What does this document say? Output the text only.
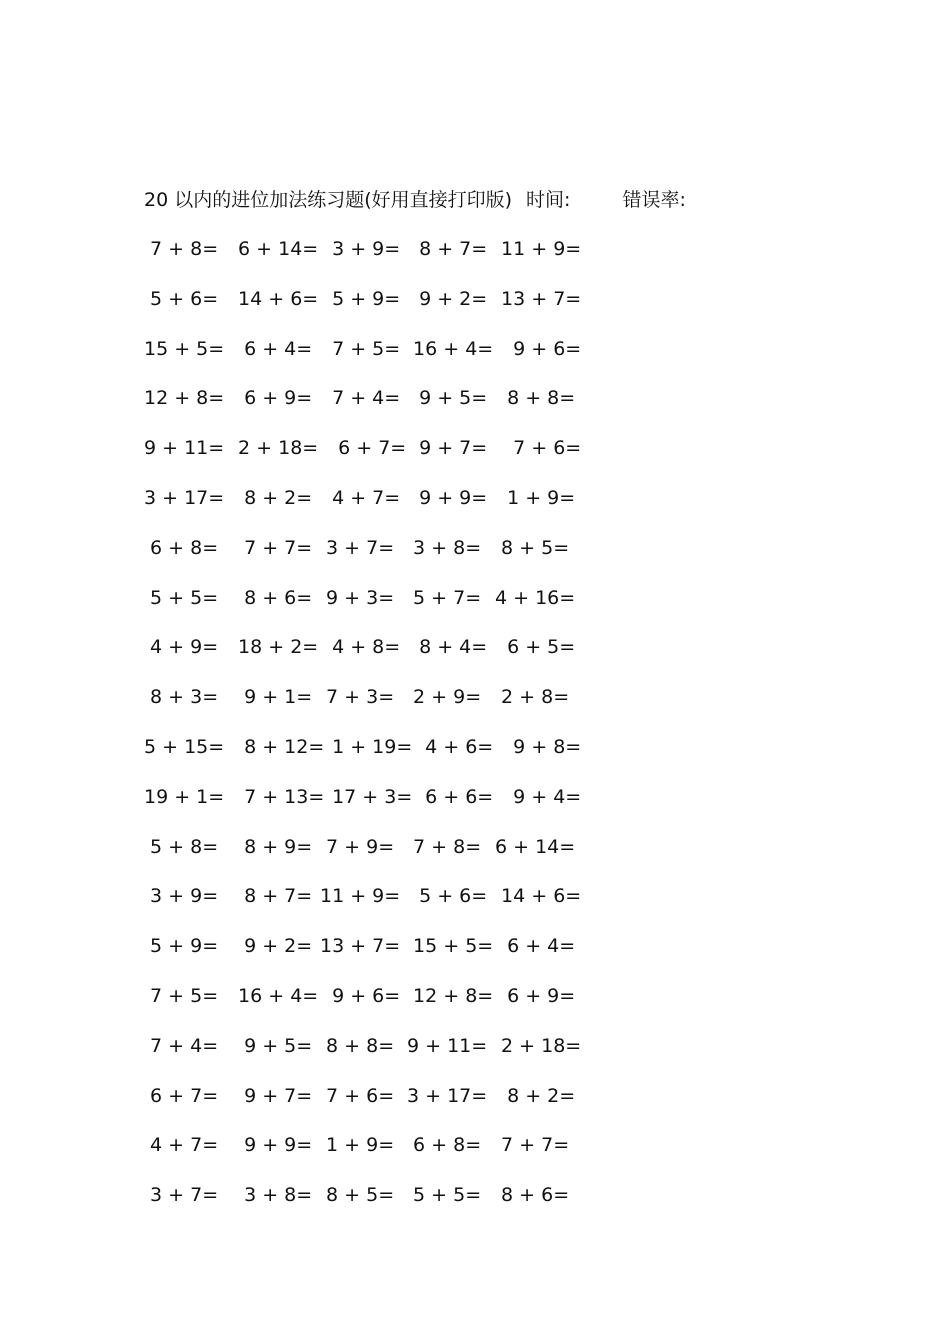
20 以内的进位加法练习题(好用直接打印版) 时间:	错误率:
7 + 8= 6 + 14= 3 + 9= 8 + 7= 11 + 9=
5 + 6= 14 + 6= 5 + 9= 9 + 2= 13 + 7=
15 + 5= 6 + 4= 7 + 5= 16 + 4= 9 + 6=
12 + 8= 6 + 9= 7 + 4= 9 + 5= 8 + 8=
9 + 11= 2 + 18= 6 + 7= 9 + 7= 7 + 6=
3 + 17= 8 + 2= 4 + 7= 9 + 9= 1 + 9=
6 + 8= 7 + 7= 3 + 7= 3 + 8= 8 + 5=
5 + 5= 8 + 6= 9 + 3= 5 + 7= 4 + 16=
4 + 9= 18 + 2= 4 + 8= 8 + 4= 6 + 5=
8 + 3= 9 + 1= 7 + 3= 2 + 9= 2 + 8=
5 + 15= 8 + 12=
1 + 19=
4 + 6= 9 + 8=
19 + 1= 7 + 13=
17 + 3=
6 + 6= 9 + 4=
5 + 8= 8 + 9= 7 + 9= 7 + 8= 6 + 14=
3 + 9= 8 + 7= 11 + 9= 5 + 6= 14 + 6=
5 + 9= 9 + 2= 13 + 7= 15 + 5= 6 + 4=
7 + 5= 16 + 4= 9 + 6= 12 + 8= 6 + 9=
7 + 4= 9 + 5= 8 + 8= 9 + 11= 2 + 18=
6 + 7= 9 + 7= 7 + 6= 3 + 17= 8 + 2=
4 + 7= 9 + 9= 1 + 9= 6 + 8= 7 + 7=
3 + 7= 3 + 8= 8 + 5= 5 + 5= 8 + 6=
